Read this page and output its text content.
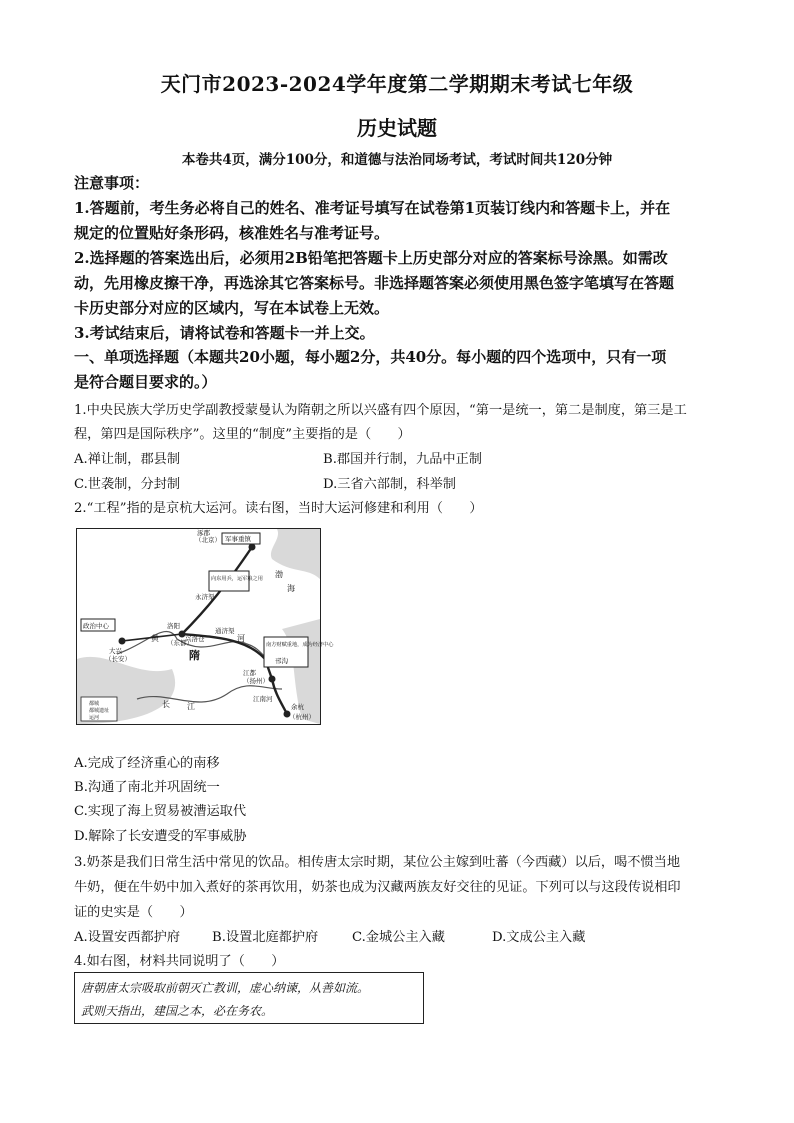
天门市2023-2024学年度第二学期期末考试七年级
历史试题
本卷共4页，满分100分，和道德与法治同场考试，考试时间共120分钟
注意事项：
1.答题前，考生务必将自己的姓名、准考证号填写在试卷第1页装订线内和答题卡上，并在
规定的位置贴好条形码，核准姓名与准考证号。
2.选择题的答案选出后，必须用2B铅笔把答题卡上历史部分对应的答案标号涂黑。如需改
动，先用橡皮擦干净，再选涂其它答案标号。非选择题答案必须使用黑色签字笔填写在答题
卡历史部分对应的区域内，写在本试卷上无效。
3.考试结束后，请将试卷和答题卡一并上交。
一、单项选择题（本题共20小题，每小题2分，共40分。每小题的四个选项中，只有一项
是符合题目要求的。）
1.中央民族大学历史学副教授蒙曼认为隋朝之所以兴盛有四个原因，“第一是统一，第二是制度，第三是工
程，第四是国际秩序”。这里的“制度”主要指的是（　　）
A.禅让制，郡县制	B.郡国并行制，九品中正制
C.世袭制，分封制	D.三省六部制，科举制
2.“工程”指的是京杭大运河。读右图，当时大运河修建和利用（　　）
（北京）
涿郡
军事重镇
永济渠
向东用兵，运军粮之用
政治中心
大兴
（长安）
洛阳
（东都）
兴洛仓
通济渠
隋
江都
（扬州）
南方财赋重地，成为经济中心
余杭
（杭州）
江南河
邗沟
黄	河
长 江
渤
海
都城
都城遗址
运河
A.完成了经济重心的南移
B.沟通了南北并巩固统一
C.实现了海上贸易被漕运取代
D.解除了长安遭受的军事威胁
3.奶茶是我们日常生活中常见的饮品。相传唐太宗时期，某位公主嫁到吐蕃（今西藏）以后，喝不惯当地
牛奶，便在牛奶中加入煮好的茶再饮用，奶茶也成为汉藏两族友好交往的见证。下列可以与这段传说相印
证的史实是（　　）
A.设置安西都护府 B.设置北庭都护府	C.金城公主入藏	D.文成公主入藏
4.如右图，材料共同说明了（　　）
唐朝唐太宗吸取前朝灭亡教训，虚心纳谏，从善如流。
武则天指出，建国之本，必在务农。
